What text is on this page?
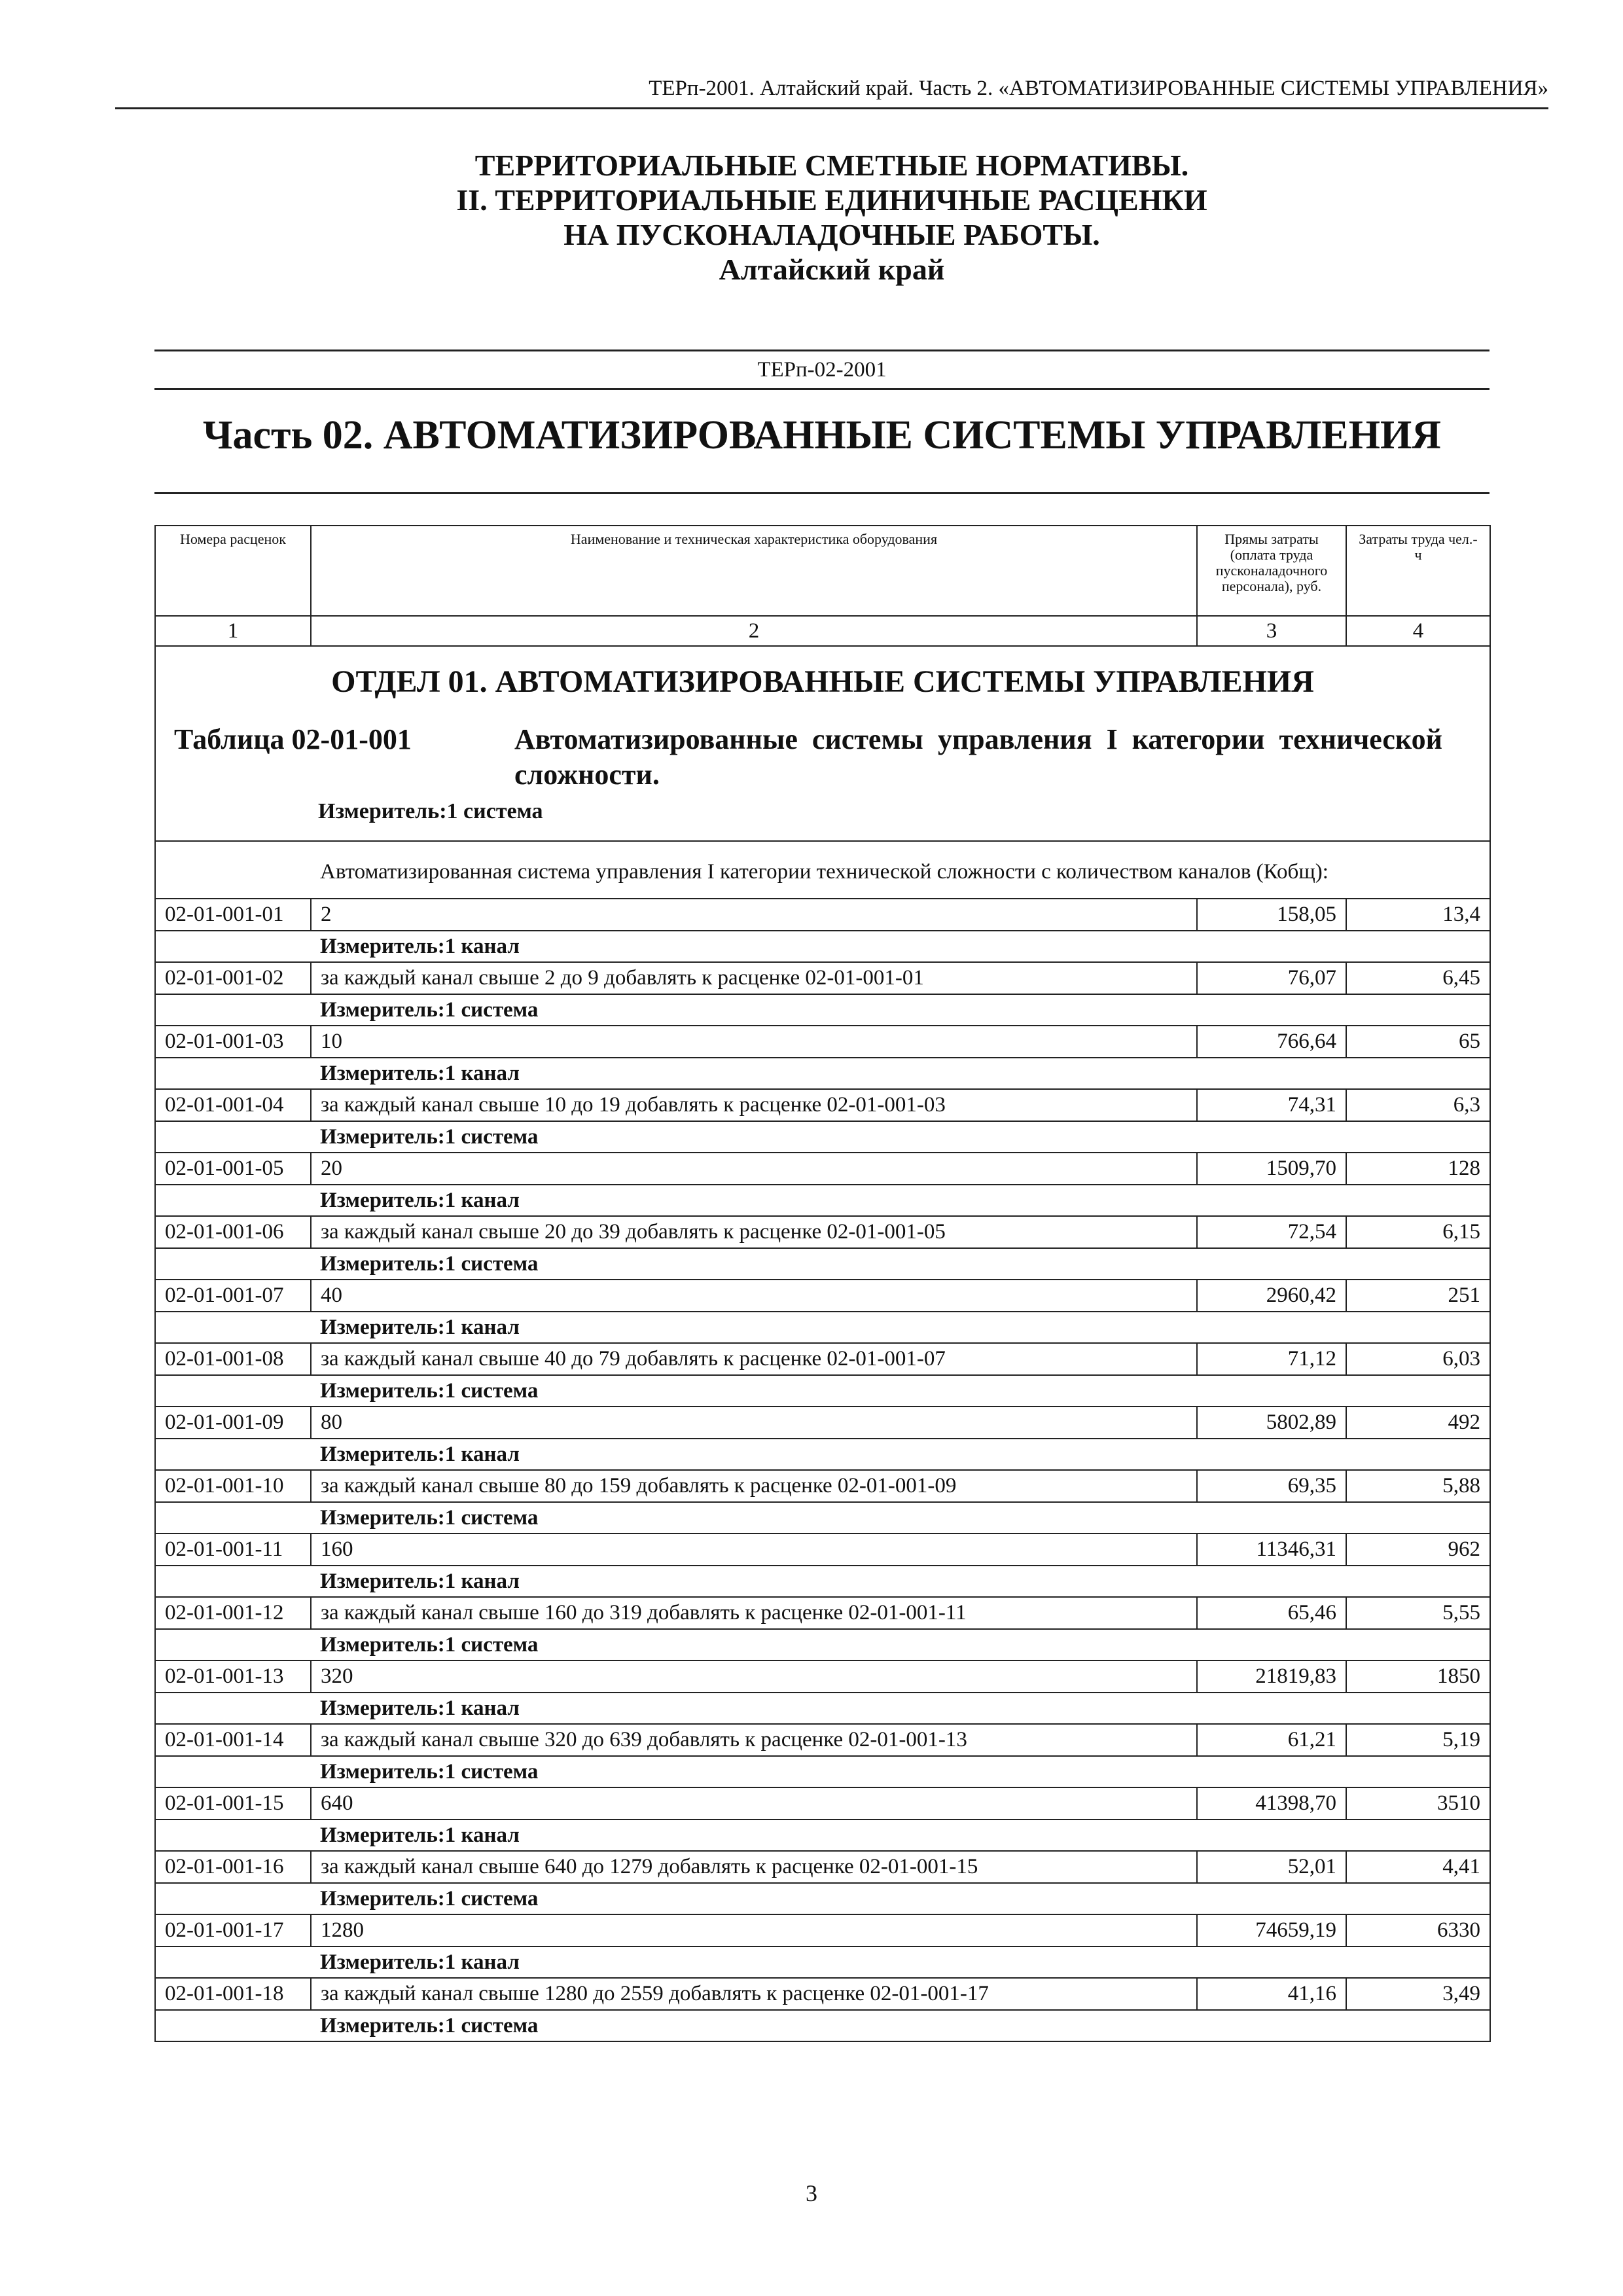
ТЕРп-2001. Алтайский край. Часть 2. «АВТОМАТИЗИРОВАННЫЕ СИСТЕМЫ УПРАВЛЕНИЯ»
ТЕРРИТОРИАЛЬНЫЕ СМЕТНЫЕ НОРМАТИВЫ.
II. ТЕРРИТОРИАЛЬНЫЕ ЕДИНИЧНЫЕ РАСЦЕНКИ
НА ПУСКОНАЛАДОЧНЫЕ РАБОТЫ.
Алтайский край
ТЕРп-02-2001
Часть 02. АВТОМАТИЗИРОВАННЫЕ СИСТЕМЫ УПРАВЛЕНИЯ
Номера расценок	Наименование и техническая характеристика оборудования	Прямы затраты (оплата труда пусконаладочного персонала), руб.	Затраты труда чел.-ч
1	2	3	4

ОТДЕЛ 01. АВТОМАТИЗИРОВАННЫЕ СИСТЕМЫ УПРАВЛЕНИЯ
Таблица 02-01-001 Автоматизированные системы управления I категории технической сложности.
Измеритель:1 система			

	Автоматизированная система управления I категории технической сложности с количеством каналов (Кобщ):		
02-01-001-01	2	158,05	13,4
	Измеритель:1 канал		
02-01-001-02	за каждый канал свыше 2 до 9 добавлять к расценке 02-01-001-01	76,07	6,45
	Измеритель:1 система		
02-01-001-03	10	766,64	65
	Измеритель:1 канал		
02-01-001-04	за каждый канал свыше 10 до 19 добавлять к расценке 02-01-001-03	74,31	6,3
	Измеритель:1 система		
02-01-001-05	20	1509,70	128
	Измеритель:1 канал		
02-01-001-06	за каждый канал свыше 20 до 39 добавлять к расценке 02-01-001-05	72,54	6,15
	Измеритель:1 система		
02-01-001-07	40	2960,42	251
	Измеритель:1 канал		
02-01-001-08	за каждый канал свыше 40 до 79 добавлять к расценке 02-01-001-07	71,12	6,03
	Измеритель:1 система		
02-01-001-09	80	5802,89	492
	Измеритель:1 канал		
02-01-001-10	за каждый канал свыше 80 до 159 добавлять к расценке 02-01-001-09	69,35	5,88
	Измеритель:1 система		
02-01-001-11	160	11346,31	962
	Измеритель:1 канал		
02-01-001-12	за каждый канал свыше 160 до 319 добавлять к расценке 02-01-001-11	65,46	5,55
	Измеритель:1 система		
02-01-001-13	320	21819,83	1850
	Измеритель:1 канал		
02-01-001-14	за каждый канал свыше 320 до 639 добавлять к расценке 02-01-001-13	61,21	5,19
	Измеритель:1 система		
02-01-001-15	640	41398,70	3510
	Измеритель:1 канал		
02-01-001-16	за каждый канал свыше 640 до 1279 добавлять к расценке 02-01-001-15	52,01	4,41
	Измеритель:1 система		
02-01-001-17	1280	74659,19	6330
	Измеритель:1 канал		
02-01-001-18	за каждый канал свыше 1280 до 2559 добавлять к расценке 02-01-001-17	41,16	3,49
	Измеритель:1 система		
3
